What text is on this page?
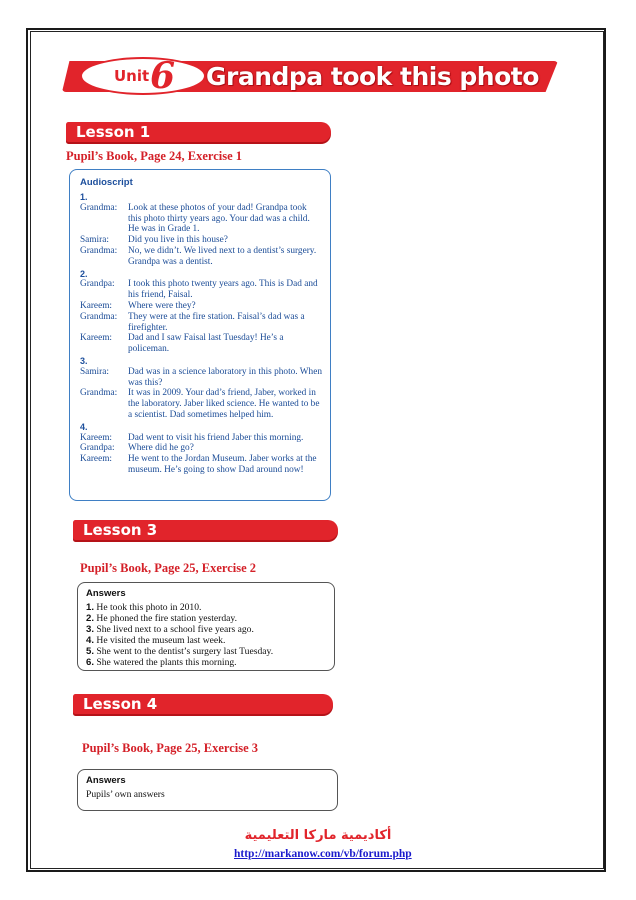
Unit 6 Grandpa took this photo
Lesson 1
Pupil’s Book, Page 24, Exercise 1
Audioscript
1.
Grandma:	Look at these photos of your dad! Grandpa took this photo thirty years ago. Your dad was a child. He was in Grade 1.
Samira:	Did you live in this house?
Grandma:	No, we didn’t. We lived next to a dentist’s surgery. Grandpa was a dentist.
2.
Grandpa:	I took this photo twenty years ago. This is Dad and his friend, Faisal.
Kareem:	Where were they?
Grandma:	They were at the fire station. Faisal’s dad was a firefighter.
Kareem:	Dad and I saw Faisal last Tuesday! He’s a policeman.
3.
Samira:	Dad was in a science laboratory in this photo. When was this?
Grandma:	It was in 2009. Your dad’s friend, Jaber, worked in the laboratory. Jaber liked science. He wanted to be a scientist. Dad sometimes helped him.
4.
Kareem:	Dad went to visit his friend Jaber this morning.
Grandpa:	Where did he go?
Kareem:	He went to the Jordan Museum. Jaber works at the museum. He’s going to show Dad around now!
Lesson 3
Pupil’s Book, Page 25, Exercise 2
Answers
1. He took this photo in 2010.
2. He phoned the fire station yesterday.
3. She lived next to a school five years ago.
4. He visited the museum last week.
5. She went to the dentist’s surgery last Tuesday.
6. She watered the plants this morning.
Lesson 4
Pupil’s Book, Page 25, Exercise 3
Answers
Pupils’ own answers
أكاديمية ماركا التعليمية
http://markanow.com/vb/forum.php
